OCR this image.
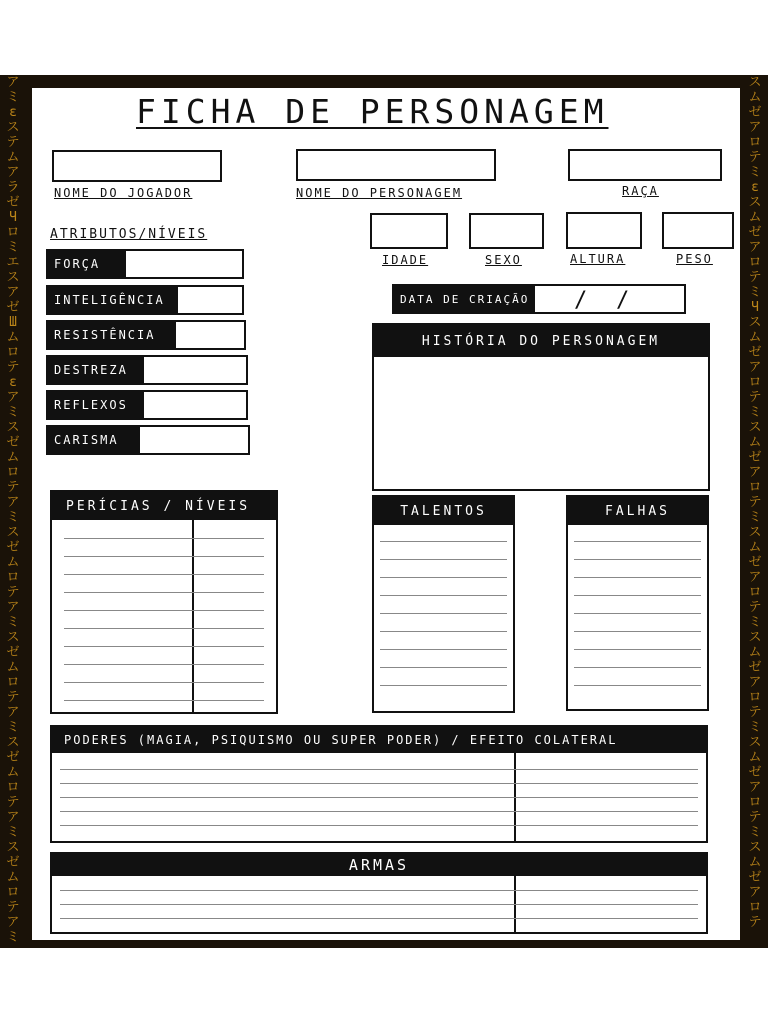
ア
ミ
ε
ス
テ
ム
ア
ラ
ゼ
Ч
ロ
ミ
エ
ス
ア
ゼ
Ш
ム
ロ
テ
ε
ア
ミ
ス
ゼ
ム
ロ
テ
ア
ミ
ス
ゼ
ム
ロ
テ
ア
ミ
ス
ゼ
ム
ロ
テ
ア
ミ
ス
ゼ
ム
ロ
テ
ア
ミ
ス
ゼ
ム
ロ
テ
ア
ミ
ス
ム
ゼ
ア
ロ
テ
ミ
ε
ス
ム
ゼ
ア
ロ
テ
ミ
Ч
ス
ム
ゼ
ア
ロ
テ
ミ
ス
ム
ゼ
ア
ロ
テ
ミ
ス
ム
ゼ
ア
ロ
テ
ミ
ス
ム
ゼ
ア
ロ
テ
ミ
ス
ム
ゼ
ア
ロ
テ
ミ
ス
ム
ゼ
ア
ロ
テ
FICHA DE PERSONAGEM
NOME DO JOGADOR	NOME DO PERSONAGEM	RAÇA
IDADE	SEXO	ALTURA	PESO
DATA DE CRIAÇÃO / /
ATRIBUTOS/NÍVEIS
FORÇA
INTELIGÊNCIA
RESISTÊNCIA
DESTREZA
REFLEXOS
CARISMA
HISTÓRIA DO PERSONAGEM
PERÍCIAS / NÍVEIS	TALENTOS	FALHAS
PODERES (MAGIA, PSIQUISMO OU SUPER PODER) / EFEITO COLATERAL
ARMAS
